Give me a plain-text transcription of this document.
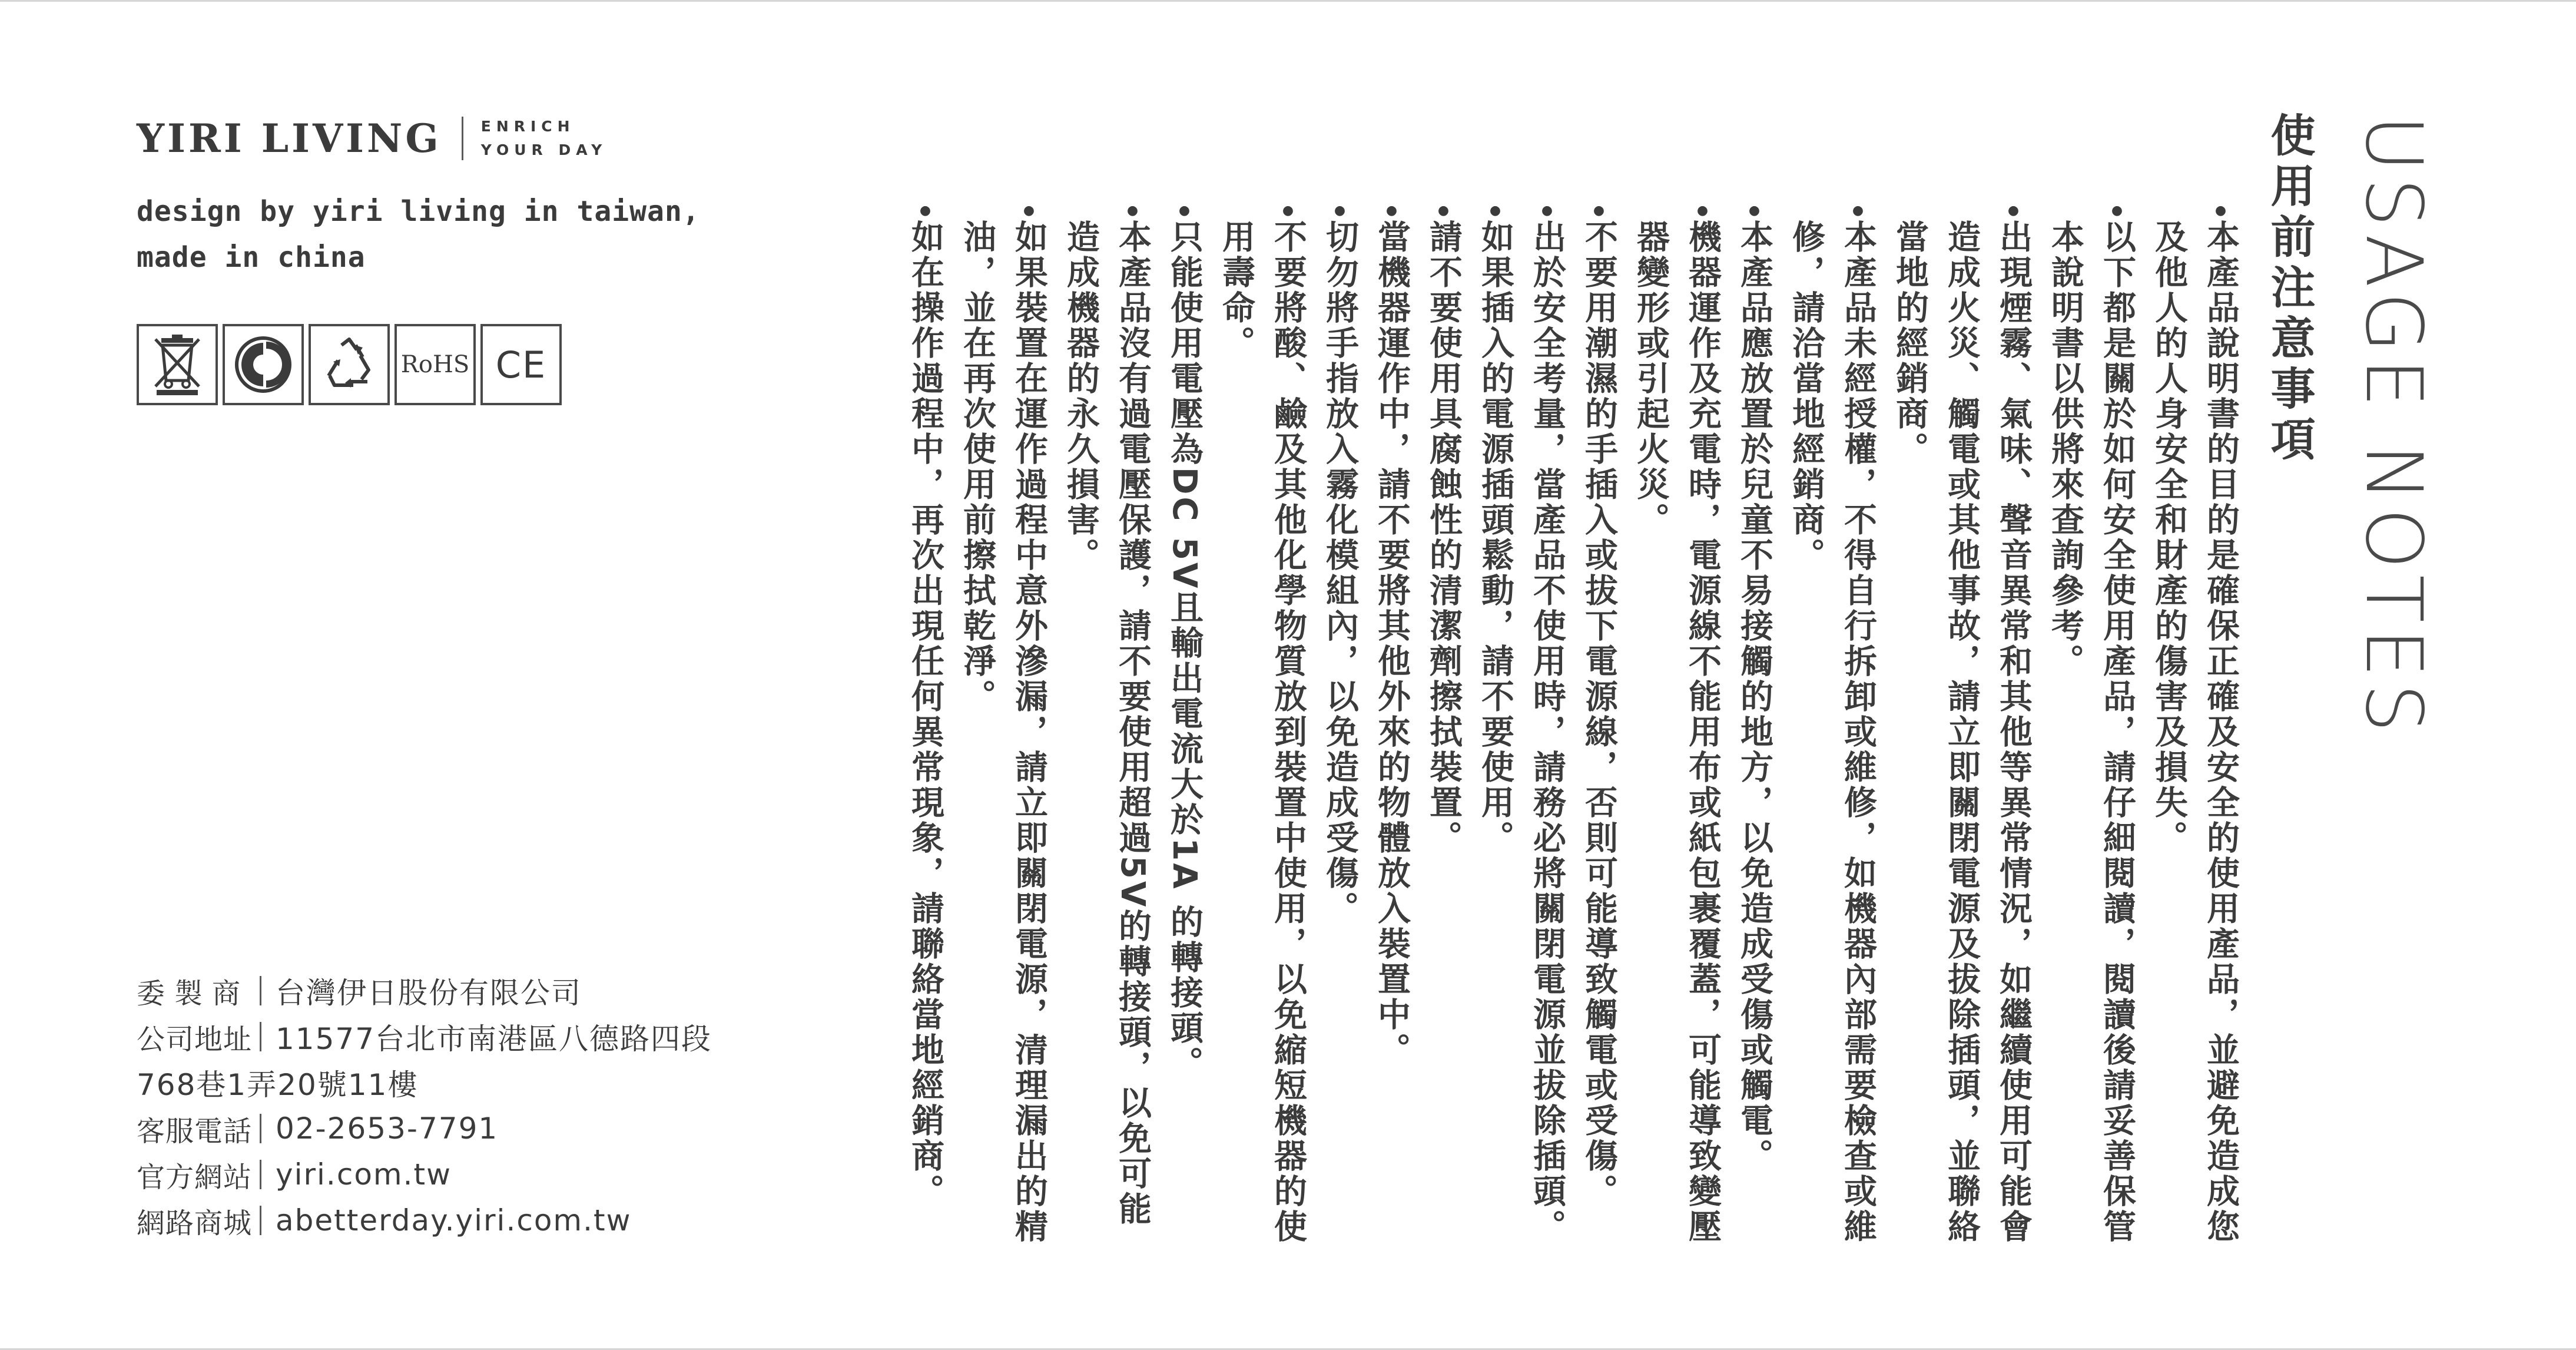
YIRI LIVING	ENRICH
YOUR DAY
design by yiri living in taiwan,
made in china
RoHS CE
委製商 台灣伊日股份有限公司
公司地址 11577台北市南港區八德路四段
768巷1弄20號11樓
客服電話 02-2653-7791
官方網站 yiri.com.tw
網路商城 abetterday.yiri.com.tw
USAGE NOTES
使用前注意事項

● 本產品說明書的目的是確保正確及安全的使用產品，並避免造成您及他人的人身安全和財產的傷害及損失。

● 以下都是關於如何安全使用產品，請仔細閱讀，閱讀後請妥善保管本說明書以供將來查詢參考。

● 出現煙霧、氣味、聲音異常和其他等異常情況，如繼續使用可能會造成火災、觸電或其他事故，請立即關閉電源及拔除插頭，並聯絡當地的經銷商。

● 本產品未經授權，不得自行拆卸或維修，如機器內部需要檢查或維修，請洽當地經銷商。

● 本產品應放置於兒童不易接觸的地方，以免造成受傷或觸電。

● 機器運作及充電時，電源線不能用布或紙包裹覆蓋，可能導致變壓器變形或引起火災。

● 不要用潮濕的手插入或拔下電源線，否則可能導致觸電或受傷。

● 出於安全考量，當產品不使用時，請務必將關閉電源並拔除插頭。

● 如果插入的電源插頭鬆動，請不要使用。

● 請不要使用具腐蝕性的清潔劑擦拭裝置。

● 當機器運作中，請不要將其他外來的物體放入裝置中。

● 切勿將手指放入霧化模組內，以免造成受傷。

● 不要將酸、鹼及其他化學物質放到裝置中使用，以免縮短機器的使用壽命。

● 只能使用電壓為DC 5V且輸出電流大於1A 的轉接頭。

● 本產品沒有過電壓保護，請不要使用超過5V的轉接頭，以免可能造成機器的永久損害。

● 如果裝置在運作過程中意外滲漏，請立即關閉電源，清理漏出的精油，並在再次使用前擦拭乾淨。

● 如在操作過程中，再次出現任何異常現象，請聯絡當地經銷商。
